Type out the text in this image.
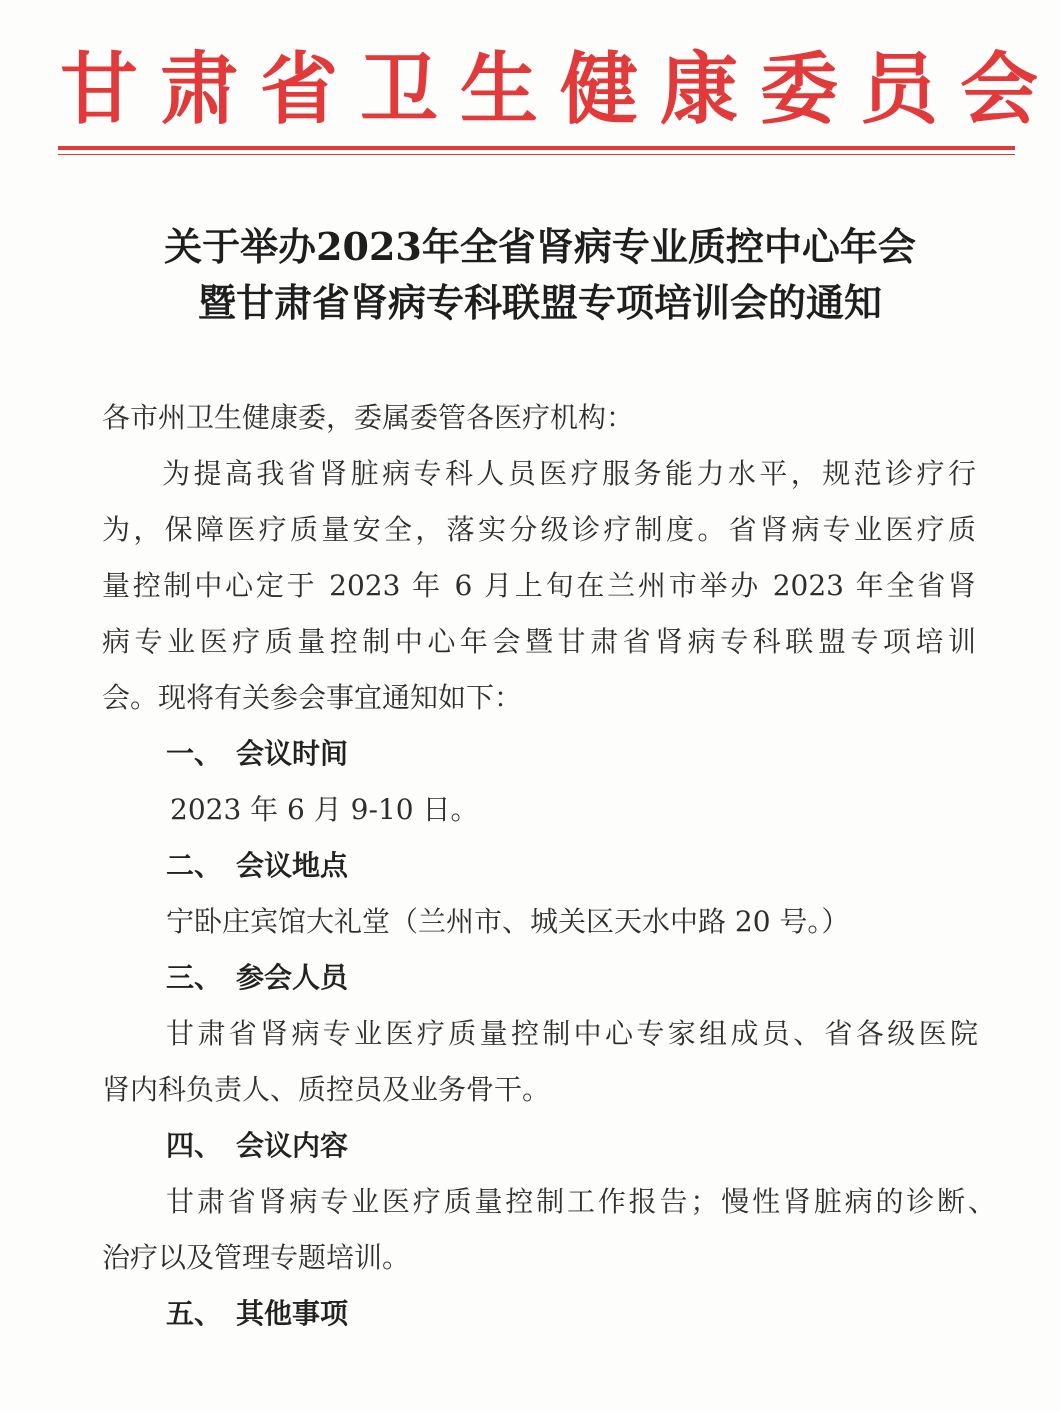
甘肃省卫生健康委员会
关于举办2023年全省肾病专业质控中心年会
暨甘肃省肾病专科联盟专项培训会的通知
各市州卫生健康委，委属委管各医疗机构：
为提高我省肾脏病专科人员医疗服务能力水平，规范诊疗行
为，保障医疗质量安全，落实分级诊疗制度。省肾病专业医疗质
量控制中心定于 2023 年 6 月上旬在兰州市举办 2023 年全省肾
病专业医疗质量控制中心年会暨甘肃省肾病专科联盟专项培训
会。现将有关参会事宜通知如下：
一、 会议时间
2023 年 6 月 9-10 日。
二、 会议地点
宁卧庄宾馆大礼堂（兰州市、城关区天水中路 20 号。）
三、 参会人员
甘肃省肾病专业医疗质量控制中心专家组成员、省各级医院
肾内科负责人、质控员及业务骨干。
四、 会议内容
甘肃省肾病专业医疗质量控制工作报告；慢性肾脏病的诊断、
治疗以及管理专题培训。
五、 其他事项
